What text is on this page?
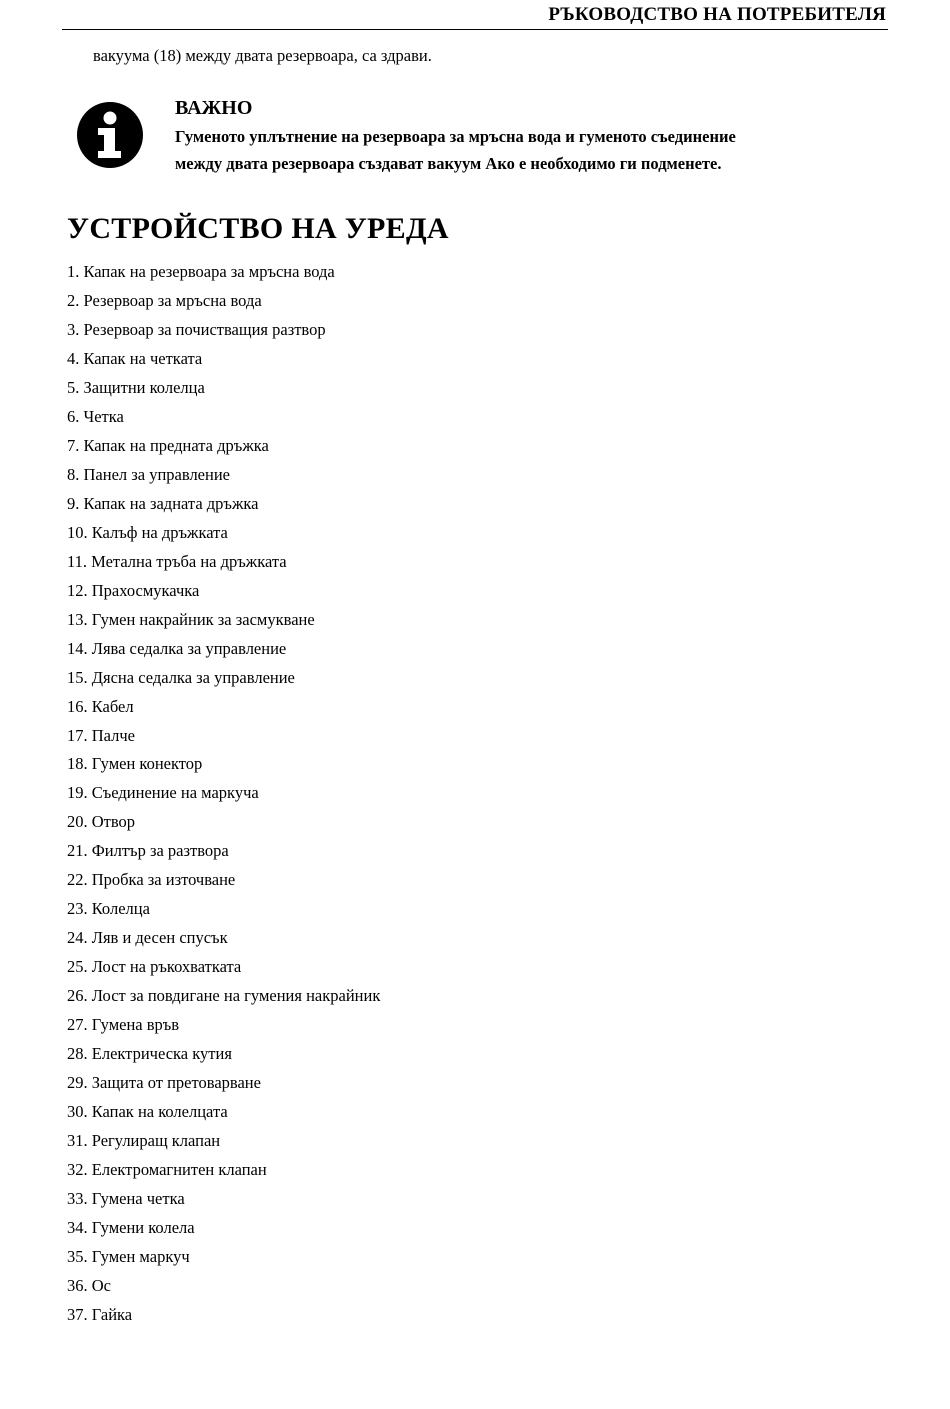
РЪКОВОДСТВО НА ПОТРЕБИТЕЛЯ
вакуума (18) между двата резервоара, са здрави.
ВАЖНО
Гуменото уплътнение на резервоара за мръсна вода и гуменото съединение
между двата резервоара създават вакуум Ако е необходимо ги подменете.
УСТРОЙСТВО НА УРЕДА
1. Капак на резервоара за мръсна вода
2. Резервоар за мръсна вода
3. Резервоар за почистващия разтвор
4. Капак на четката
5. Защитни колелца
6. Четка
7. Капак на предната дръжка
8. Панел за управление
9. Капак на задната дръжка
10. Калъф на дръжката
11. Метална тръба на дръжката
12. Прахосмукачка
13. Гумен накрайник за засмукване
14. Лява седалка за управление
15. Дясна седалка за управление
16. Кабел
17. Палче
18. Гумен конектор
19. Съединение на маркуча
20. Отвор
21. Филтър за разтвора
22. Пробка за източване
23. Колелца
24. Ляв и десен спусък
25. Лост на ръкохватката
26. Лост за повдигане на гумения накрайник
27. Гумена връв
28. Електрическа кутия
29. Защита от претоварване
30. Капак на колелцата
31. Регулиращ клапан
32. Електромагнитен клапан
33. Гумена четка
34. Гумени колела
35. Гумен маркуч
36. Ос
37. Гайка
